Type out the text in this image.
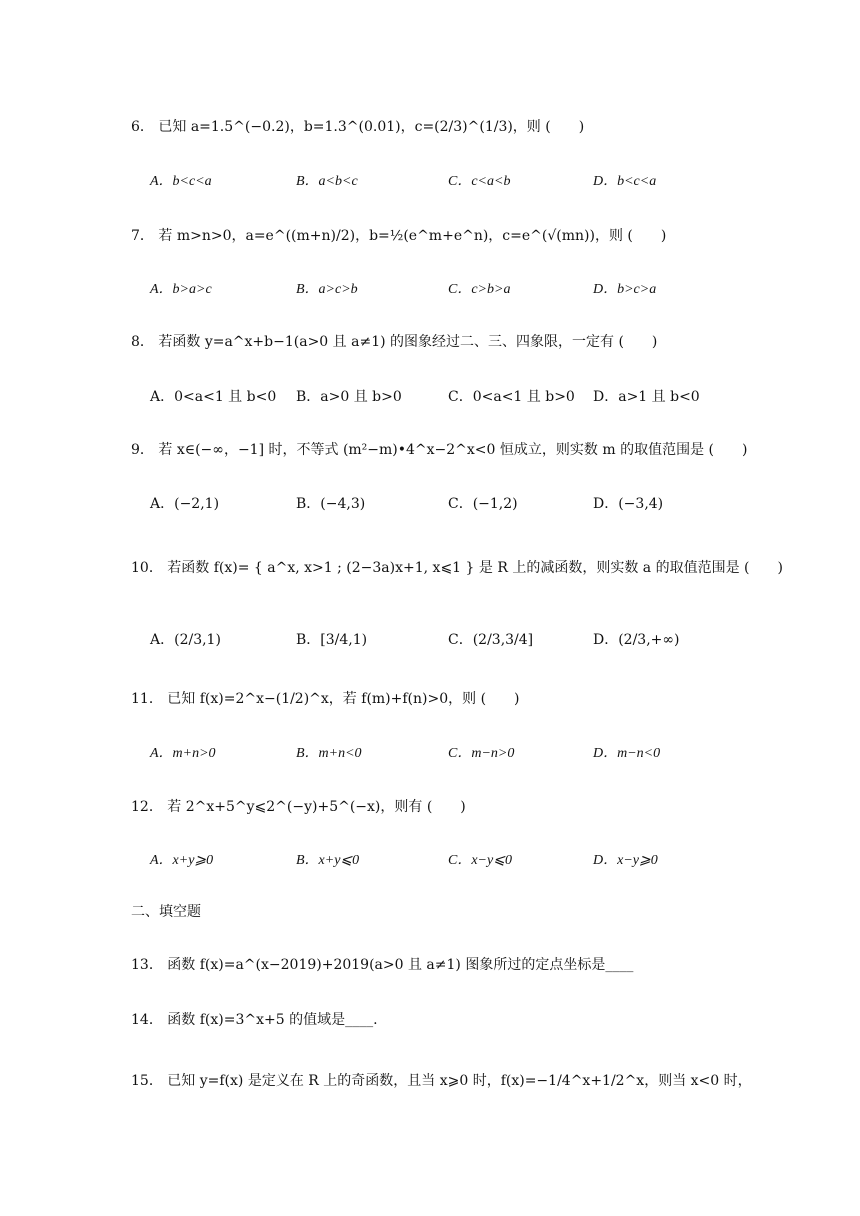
6． 已知 a=1.5^(−0.2)，b=1.3^(0.01)，c=(2/3)^(1/3)，则 (　　)
A．b<c<a	B．a<b<c	C．c<a<b	D．b<c<a
7． 若 m>n>0，a=e^((m+n)/2)，b=½(e^m+e^n)，c=e^(√(mn))，则 (　　)
A．b>a>c	B．a>c>b	C．c>b>a	D．b>c>a
8． 若函数 y=a^x+b−1(a>0 且 a≠1) 的图象经过二、三、四象限，一定有 (　　)
A．0<a<1 且 b<0 B．a>0 且 b>0	C．0<a<1 且 b>0 D．a>1 且 b<0
9． 若 x∈(−∞，−1] 时，不等式 (m²−m)•4^x−2^x<0 恒成立，则实数 m 的取值范围是 (　　)
A．(−2,1)	B．(−4,3)	C．(−1,2)	D．(−3,4)
10． 若函数 f(x)= { a^x, x>1 ; (2−3a)x+1, x⩽1 } 是 R 上的减函数，则实数 a 的取值范围是 (　　)
A．(2/3,1)	B．[3/4,1)	C．(2/3,3/4]	D．(2/3,+∞)
11． 已知 f(x)=2^x−(1/2)^x，若 f(m)+f(n)>0，则 (　　)
A．m+n>0	B．m+n<0	C．m−n>0	D．m−n<0
12． 若 2^x+5^y⩽2^(−y)+5^(−x)，则有 (　　)
A．x+y⩾0	B．x+y⩽0	C．x−y⩽0	D．x−y⩾0
二、填空题
13． 函数 f(x)=a^(x−2019)+2019(a>0 且 a≠1) 图象所过的定点坐标是____
14． 函数 f(x)=3^x+5 的值域是____.
15． 已知 y=f(x) 是定义在 R 上的奇函数，且当 x⩾0 时，f(x)=−1/4^x+1/2^x，则当 x<0 时，
